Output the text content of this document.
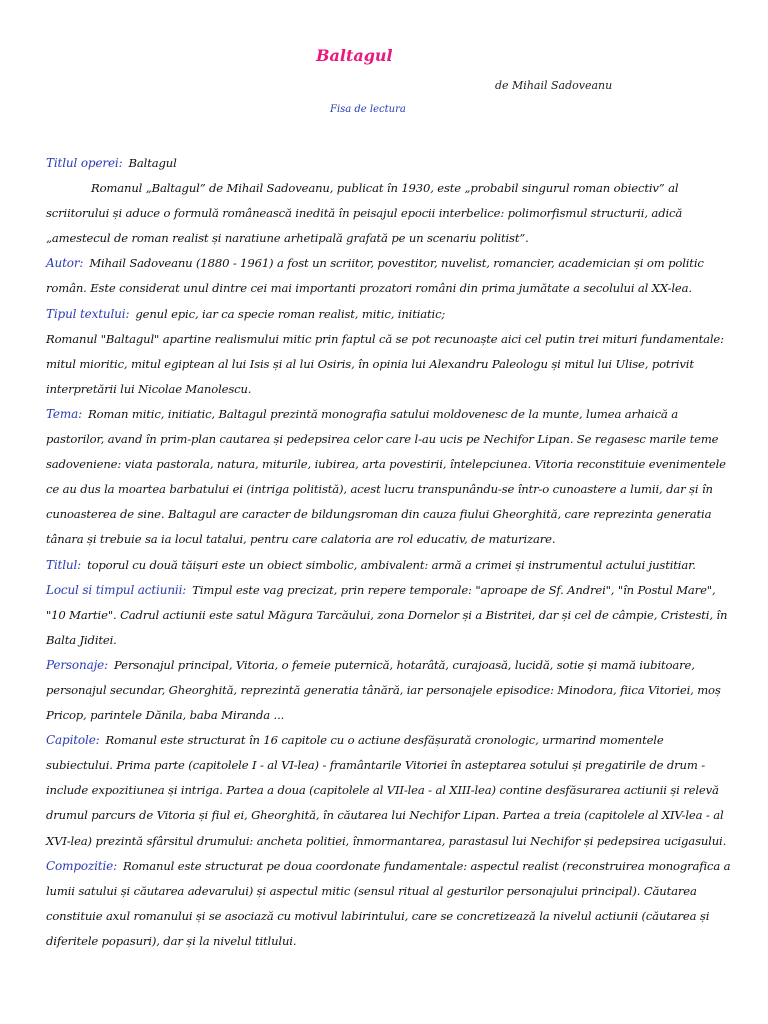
Baltagul
de Mihail Sadoveanu
Fisa de lectura

Titlul operei: Baltagul

Romanul „Baltagul” de Mihail Sadoveanu, publicat în 1930, este „probabil singurul roman obiectiv” al scriitorului și aduce o formulă românească inedită în peisajul epocii interbelice: polimorfismul structurii, adică „amestecul de roman realist și naratiune arhetipală grafată pe un scenariu politist”.

Autor: Mihail Sadoveanu (1880 - 1961) a fost un scriitor, povestitor, nuvelist, romancier, academician și om politic român. Este considerat unul dintre cei mai importanti prozatori români din prima jumătate a secolului al XX-lea.

Tipul textului: genul epic, iar ca specie roman realist, mitic, initiatic;

Romanul "Baltagul" apartine realismului mitic prin faptul că se pot recunoaște aici cel putin trei mituri fundamentale: mitul mioritic, mitul egiptean al lui Isis și al lui Osiris, în opinia lui Alexandru Paleologu și mitul lui Ulise, potrivit interpretării lui Nicolae Manolescu.

Tema: Roman mitic, initiatic, Baltagul prezintă monografia satului moldovenesc de la munte, lumea arhaică a pastorilor, avand în prim-plan cautarea și pedepsirea celor care l-au ucis pe Nechifor Lipan. Se regasesc marile teme sadoveniene: viata pastorala, natura, miturile, iubirea, arta povestirii, întelepciunea. Vitoria reconstituie evenimentele ce au dus la moartea barbatului ei (intriga politistă), acest lucru transpunându-se într-o cunoastere a lumii, dar și în cunoasterea de sine. Baltagul are caracter de bildungsroman din cauza fiului Gheorghită, care reprezinta generatia tânara și trebuie sa ia locul tatalui, pentru care calatoria are rol educativ, de maturizare.

Titlul: toporul cu două tăișuri este un obiect simbolic, ambivalent: armă a crimei și instrumentul actului justitiar.

Locul si timpul actiunii: Timpul este vag precizat, prin repere temporale: "aproape de Sf. Andrei", "în Postul Mare", "10 Martie". Cadrul actiunii este satul Măgura Tarcăului, zona Dornelor și a Bistritei, dar și cel de câmpie, Cristesti, în Balta Jiditei.

Personaje: Personajul principal, Vitoria, o femeie puternică, hotarâtă, curajoasă, lucidă, sotie și mamă iubitoare, personajul secundar, Gheorghită, reprezintă generatia tânără, iar personajele episodice: Minodora, fiica Vitoriei, moș Pricop, parintele Dănila, baba Miranda ...

Capitole: Romanul este structurat în 16 capitole cu o actiune desfășurată cronologic, urmarind momentele subiectului. Prima parte (capitolele I - al VI-lea) - framântarile Vitoriei în asteptarea sotului și pregatirile de drum - include expozitiunea și intriga. Partea a doua (capitolele al VII-lea - al XIII-lea) contine desfăsurarea actiunii și relevă drumul parcurs de Vitoria și fiul ei, Gheorghită, în căutarea lui Nechifor Lipan. Partea a treia (capitolele al XIV-lea - al XVI-lea) prezintă sfârsitul drumului: ancheta politiei, înmormantarea, parastasul lui Nechifor și pedepsirea ucigasului.

Compozitie: Romanul este structurat pe doua coordonate fundamentale: aspectul realist (reconstruirea monografica a lumii satului și căutarea adevarului) și aspectul mitic (sensul ritual al gesturilor personajului principal). Căutarea constituie axul romanului și se asociază cu motivul labirintului, care se concretizează la nivelul actiunii (căutarea și diferitele popasuri), dar și la nivelul titlului.
